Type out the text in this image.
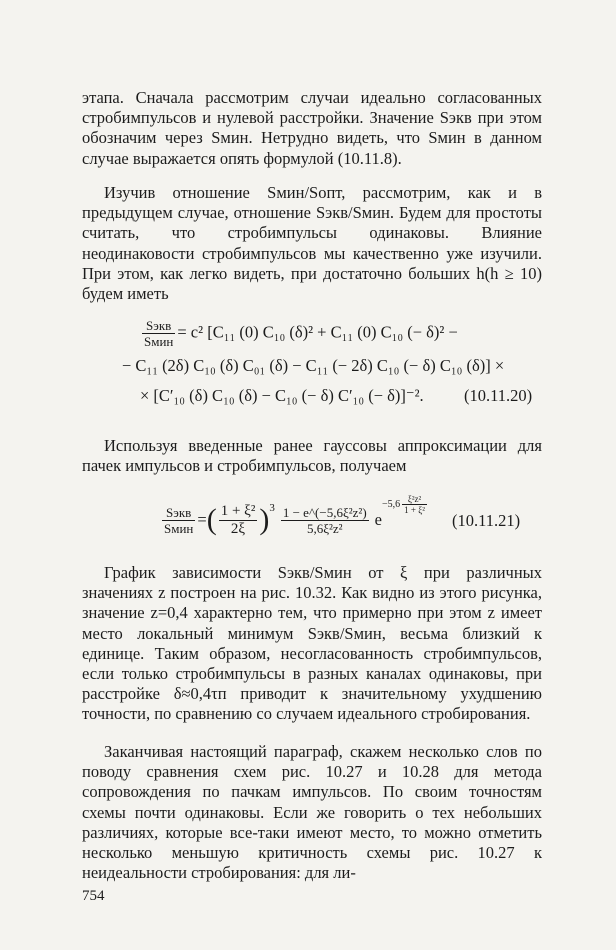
этапа. Сначала рассмотрим случаи идеально согласованных стробимпульсов и нулевой расстройки. Значение Sэкв при этом обозначим через Sмин. Нетрудно видеть, что Sмин в данном случае выражается опять формулой (10.11.8).

Изучив отношение Sмин/Sопт, рассмотрим, как и в предыдущем случае, отношение Sэкв/Sмин. Будем для простоты считать, что стробимпульсы одинаковы. Влияние неодинаковости стробимпульсов мы качественно уже изучили. При этом, как легко видеть, при достаточно больших h(h ≥ 10) будем иметь

$\frac{\text{Sэкв}}{\text{Sмин}} = c^2$ [C₁₁ (0) C₁₀ (δ)² + C₁₁ (0) C₁₀ (− δ)² −
− C₁₁ (2δ) C₁₀ (δ) C₀₁ (δ) − C₁₁ (− 2δ) C₁₀ (− δ) C₁₀ (δ)] ×
× [C′₁₀ (δ) C₁₀ (δ) − C₁₀ (− δ) C′₁₀ (− δ)]⁻². (10.11.20)

Используя введенные ранее гауссовы аппроксимации для пачек импульсов и стробимпульсов, получаем

$\frac{\text{Sэкв}}{\text{Sмин}}$ = ( $\frac{\text{1 + ξ²}}{2\xi} )^3 \frac{\text{1 − e\textasciicircum{}(−5,6ξ²z²)}}{\text{5,6ξ²z²}}$ e
$-5,6 \frac{\text{ξ²z²}}{\text{1 + ξ²}}$
(10.11.21)

График зависимости Sэкв/Sмин от ξ при различных значениях z построен на рис. 10.32. Как видно из этого рисунка, значение z=0,4 характерно тем, что примерно при этом z имеет место локальный минимум Sэкв/Sмин, весьма близкий к единице. Таким образом, несогласованность стробимпульсов, если только стробимпульсы в разных каналах одинаковы, при расстройке δ≈0,4τп приводит к значительному ухудшению точности, по сравнению со случаем идеального стробирования.

Заканчивая настоящий параграф, скажем несколько слов по поводу сравнения схем рис. 10.27 и 10.28 для метода сопровождения по пачкам импульсов. По своим точностям схемы почти одинаковы. Если же говорить о тех небольших различиях, которые все-таки имеют место, то можно отметить несколько меньшую критичность схемы рис. 10.27 к неидеальности стробирования: для ли-

754
